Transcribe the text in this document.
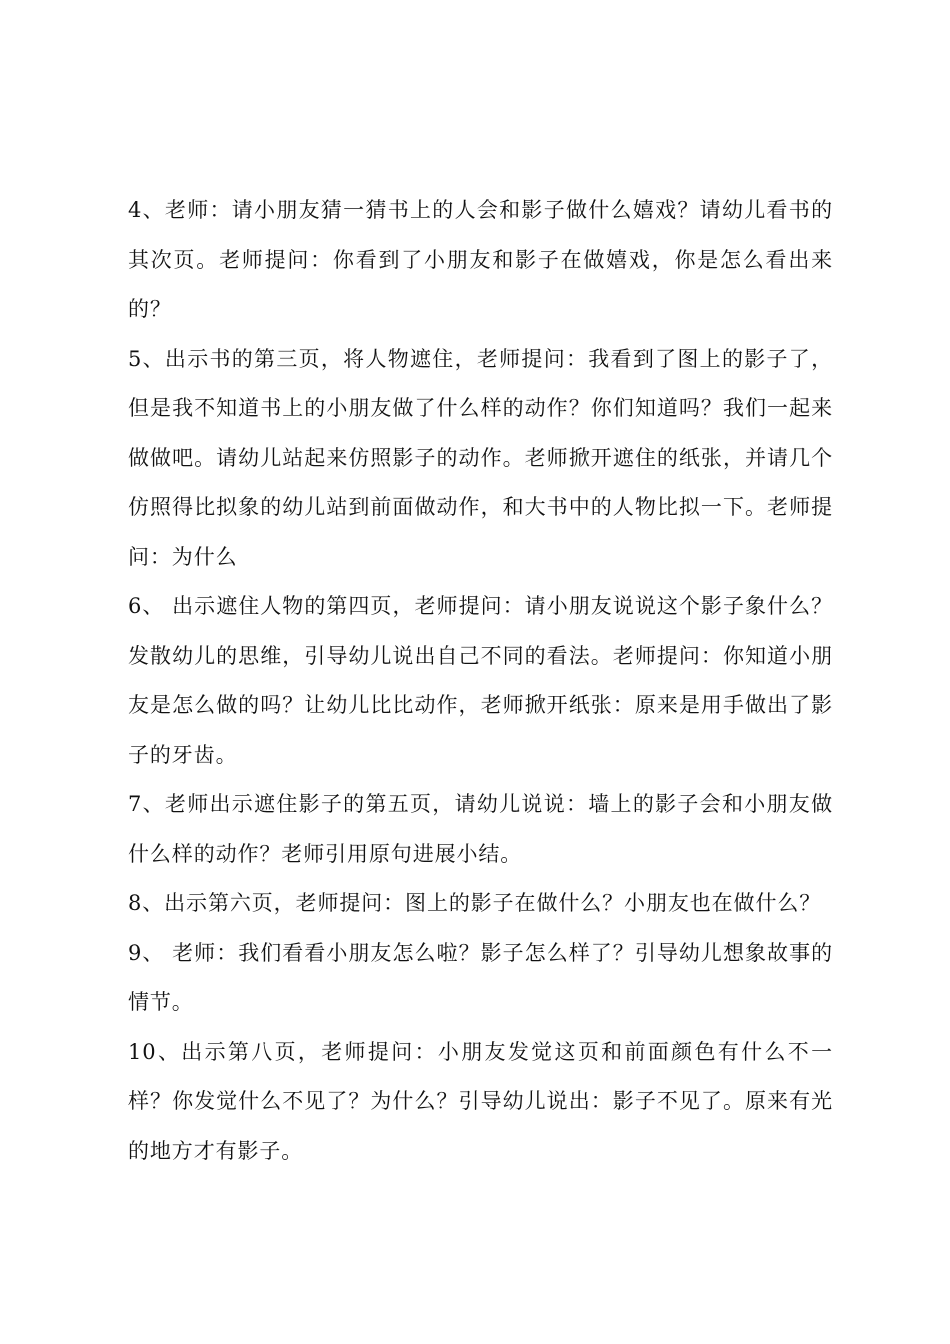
4、老师：请小朋友猜一猜书上的人会和影子做什么嬉戏？请幼儿看书的其次页。老师提问：你看到了小朋友和影子在做嬉戏，你是怎么看出来的？

5、出示书的第三页，将人物遮住，老师提问：我看到了图上的影子了，但是我不知道书上的小朋友做了什么样的动作？你们知道吗？我们一起来做做吧。请幼儿站起来仿照影子的动作。老师掀开遮住的纸张，并请几个仿照得比拟象的幼儿站到前面做动作，和大书中的人物比拟一下。老师提问：为什么

6、 出示遮住人物的第四页，老师提问：请小朋友说说这个影子象什么？发散幼儿的思维，引导幼儿说出自己不同的看法。老师提问：你知道小朋友是怎么做的吗？让幼儿比比动作，老师掀开纸张：原来是用手做出了影子的牙齿。

7、老师出示遮住影子的第五页，请幼儿说说：墙上的影子会和小朋友做什么样的动作？老师引用原句进展小结。

8、出示第六页，老师提问：图上的影子在做什么？小朋友也在做什么？

9、 老师：我们看看小朋友怎么啦？影子怎么样了？引导幼儿想象故事的情节。

10、出示第八页，老师提问：小朋友发觉这页和前面颜色有什么不一样？你发觉什么不见了？为什么？引导幼儿说出：影子不见了。原来有光的地方才有影子。
